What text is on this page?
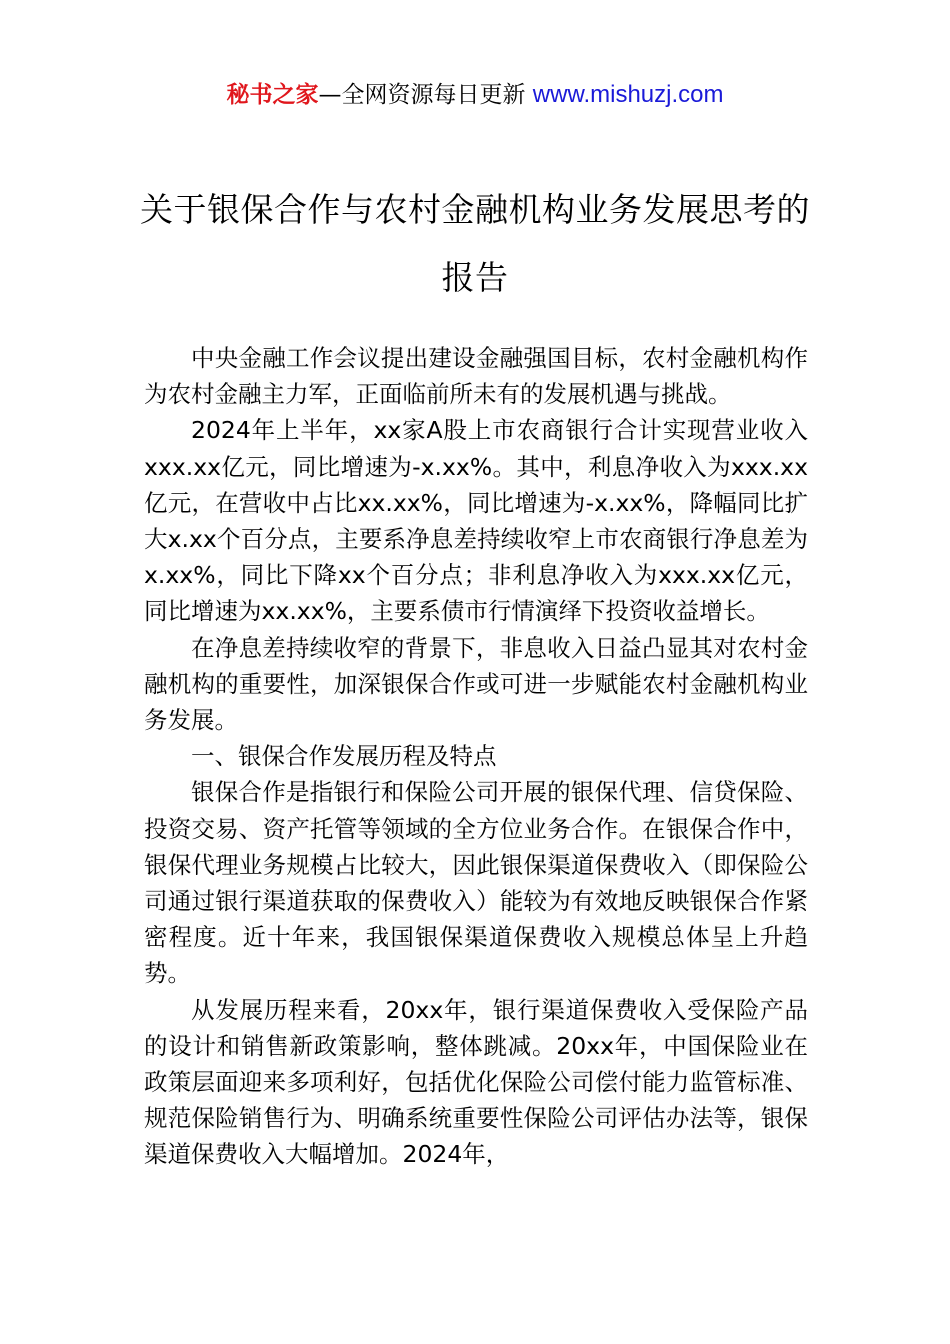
秘书之家—全网资源每日更新 www.mishuzj.com
关于银保合作与农村金融机构业务发展思考的报告

中央金融工作会议提出建设金融强国目标，农村金融机构作为农村金融主力军，正面临前所未有的发展机遇与挑战。

2024年上半年，xx家A股上市农商银行合计实现营业收入xxx.xx亿元，同比增速为-x.xx%。其中，利息净收入为xxx.xx亿元，在营收中占比xx.xx%，同比增速为-x.xx%，降幅同比扩大x.xx个百分点，主要系净息差持续收窄上市农商银行净息差为x.xx%，同比下降xx个百分点；非利息净收入为xxx.xx亿元，同比增速为xx.xx%，主要系债市行情演绎下投资收益增长。

在净息差持续收窄的背景下，非息收入日益凸显其对农村金融机构的重要性，加深银保合作或可进一步赋能农村金融机构业务发展。

一、银保合作发展历程及特点

银保合作是指银行和保险公司开展的银保代理、信贷保险、投资交易、资产托管等领域的全方位业务合作。在银保合作中，银保代理业务规模占比较大，因此银保渠道保费收入（即保险公司通过银行渠道获取的保费收入）能较为有效地反映银保合作紧密程度。近十年来，我国银保渠道保费收入规模总体呈上升趋势。

从发展历程来看，20xx年，银行渠道保费收入受保险产品的设计和销售新政策影响，整体跳减。20xx年，中国保险业在政策层面迎来多项利好，包括优化保险公司偿付能力监管标准、规范保险销售行为、明确系统重要性保险公司评估办法等，银保渠道保费收入大幅增加。2024年，
